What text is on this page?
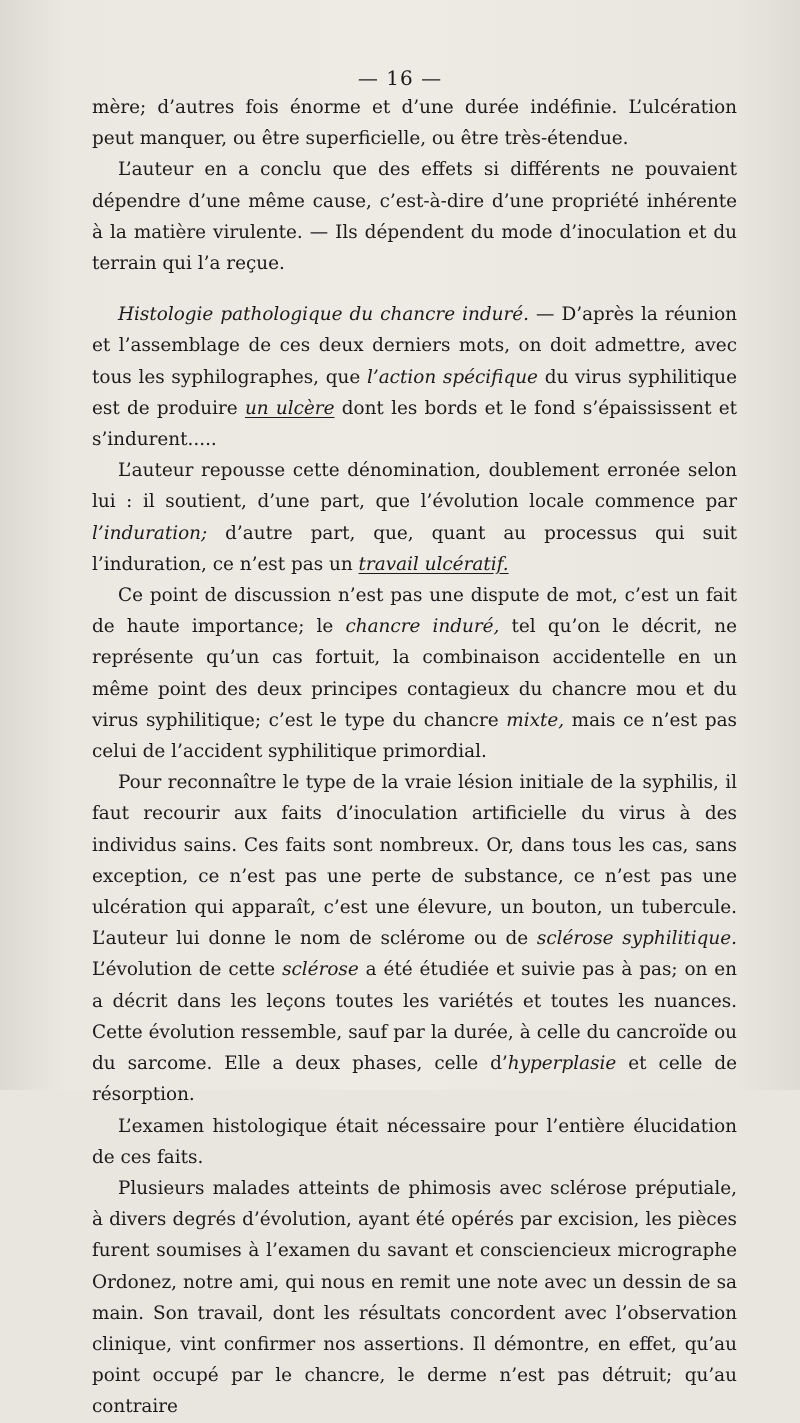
— 16 —

mère; d’autres fois énorme et d’une durée indéfinie. L’ulcération peut manquer, ou être superficielle, ou être très-étendue.

L’auteur en a conclu que des effets si différents ne pouvaient dépendre d’une même cause, c’est-à-dire d’une propriété inhérente à la matière virulente. — Ils dépendent du mode d’inoculation et du terrain qui l’a reçue.

Histologie pathologique du chancre induré. — D’après la réunion et l’assemblage de ces deux derniers mots, on doit admettre, avec tous les syphilographes, que l’action spécifique du virus syphilitique est de produire un ulcère dont les bords et le fond s’épaississent et s’indurent.....

L’auteur repousse cette dénomination, doublement erronée selon lui : il soutient, d’une part, que l’évolution locale commence par l’induration; d’autre part, que, quant au processus qui suit l’induration, ce n’est pas un travail ulcératif.

Ce point de discussion n’est pas une dispute de mot, c’est un fait de haute importance; le chancre induré, tel qu’on le décrit, ne représente qu’un cas fortuit, la combinaison accidentelle en un même point des deux principes contagieux du chancre mou et du virus syphilitique; c’est le type du chancre mixte, mais ce n’est pas celui de l’accident syphilitique primordial.

Pour reconnaître le type de la vraie lésion initiale de la syphilis, il faut recourir aux faits d’inoculation artificielle du virus à des individus sains. Ces faits sont nombreux. Or, dans tous les cas, sans exception, ce n’est pas une perte de substance, ce n’est pas une ulcération qui apparaît, c’est une élevure, un bouton, un tubercule. L’auteur lui donne le nom de sclérome ou de sclérose syphilitique. L’évolution de cette sclérose a été étudiée et suivie pas à pas; on en a décrit dans les leçons toutes les variétés et toutes les nuances. Cette évolution ressemble, sauf par la durée, à celle du cancroïde ou du sarcome. Elle a deux phases, celle d’hyperplasie et celle de résorption.

L’examen histologique était nécessaire pour l’entière élucidation de ces faits.

Plusieurs malades atteints de phimosis avec sclérose préputiale, à divers degrés d’évolution, ayant été opérés par excision, les pièces furent soumises à l’examen du savant et consciencieux micrographe Ordonez, notre ami, qui nous en remit une note avec un dessin de sa main. Son travail, dont les résultats concordent avec l’observation clinique, vint confirmer nos assertions. Il démontre, en effet, qu’au point occupé par le chancre, le derme n’est pas détruit; qu’au contraire
